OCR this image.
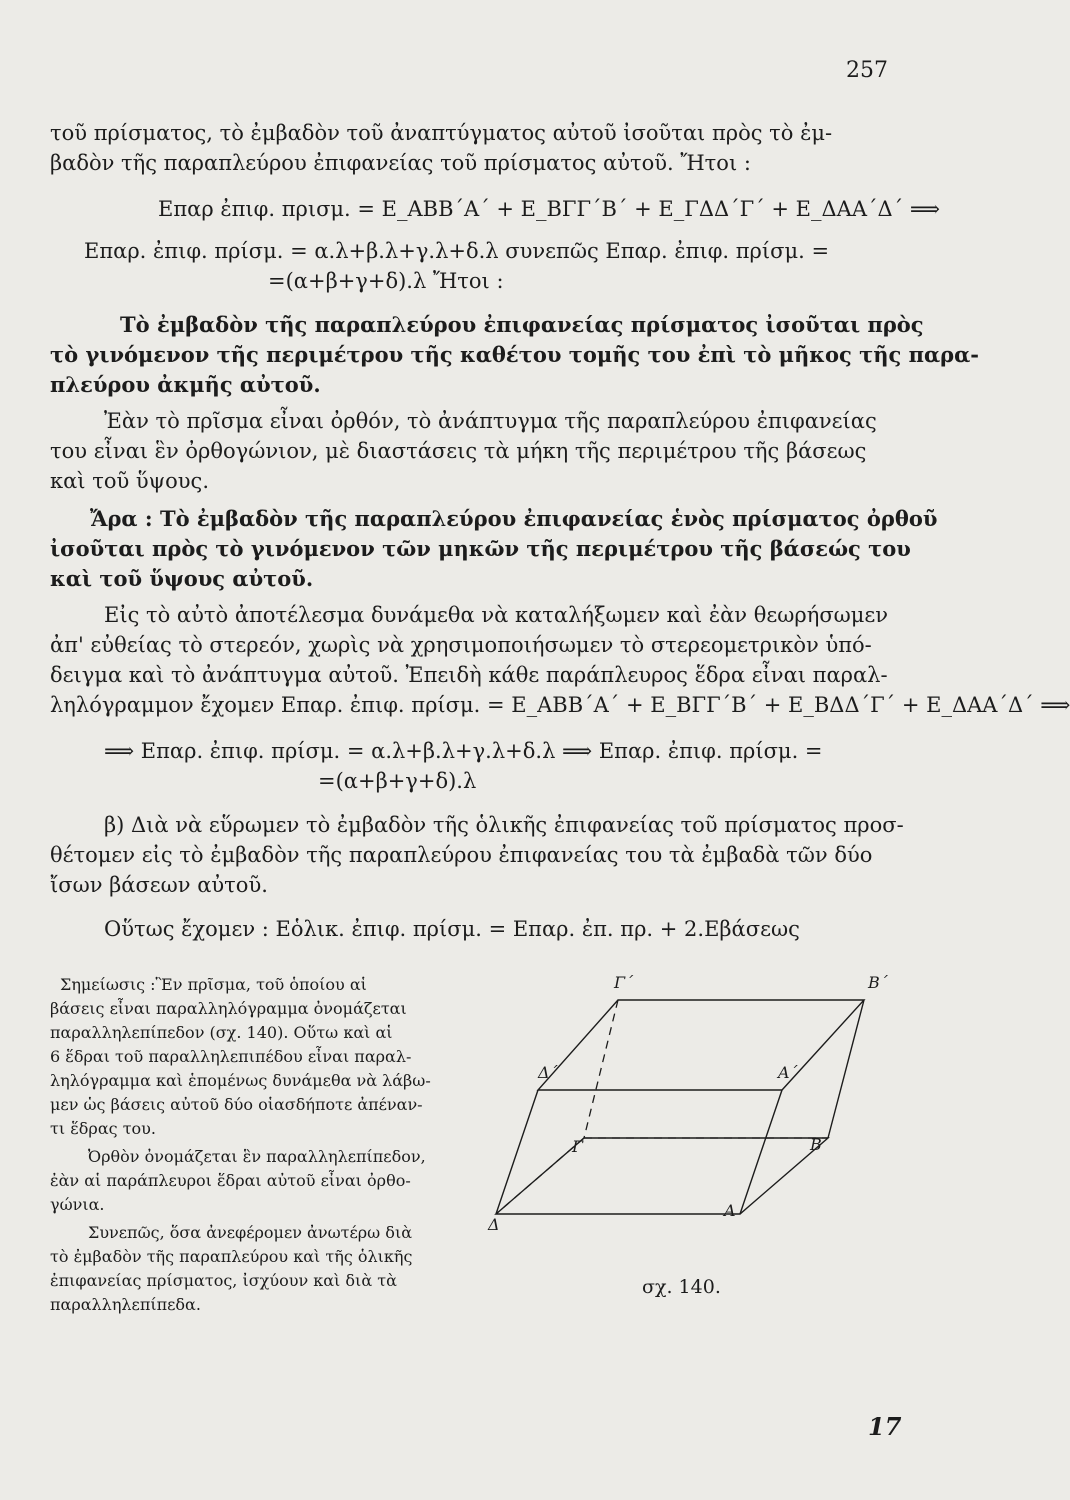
257
τοῦ πρίσματος, τὸ ἐμβαδὸν τοῦ ἀναπτύγματος αὐτοῦ ἰσοῦται πρὸς τὸ ἐμ-
βαδὸν τῆς παραπλεύρου ἐπιφανείας τοῦ πρίσματος αὐτοῦ. Ἤτοι :
Επαρ ἐπιφ. πρισμ. = Ε_ΑΒΒ΄Α΄ + Ε_ΒΓΓ΄Β΄ + Ε_ΓΔΔ΄Γ΄ + Ε_ΔΑΑ΄Δ΄ ⟹
Επαρ. ἐπιφ. πρίσμ. = α.λ+β.λ+γ.λ+δ.λ συνεπῶς Επαρ. ἐπιφ. πρίσμ. =
=(α+β+γ+δ).λ Ἤτοι :
Τὸ ἐμβαδὸν τῆς παραπλεύρου ἐπιφανείας πρίσματος ἰσοῦται πρὸς
τὸ γινόμενον τῆς περιμέτρου τῆς καθέτου τομῆς του ἐπὶ τὸ μῆκος τῆς παρα-
πλεύρου ἀκμῆς αὐτοῦ.
Ἐὰν τὸ πρῖσμα εἶναι ὀρθόν, τὸ ἀνάπτυγμα τῆς παραπλεύρου ἐπιφανείας
του εἶναι ἓν ὀρθογώνιον, μὲ διαστάσεις τὰ μήκη τῆς περιμέτρου τῆς βάσεως
καὶ τοῦ ὕψους.
Ἄρα : Τὸ ἐμβαδὸν τῆς παραπλεύρου ἐπιφανείας ἑνὸς πρίσματος ὀρθοῦ
ἰσοῦται πρὸς τὸ γινόμενον τῶν μηκῶν τῆς περιμέτρου τῆς βάσεώς του
καὶ τοῦ ὕψους αὐτοῦ.
Εἰς τὸ αὐτὸ ἀποτέλεσμα δυνάμεθα νὰ καταλήξωμεν καὶ ἐὰν θεωρήσωμεν
ἀπ' εὐθείας τὸ στερεόν, χωρὶς νὰ χρησιμοποιήσωμεν τὸ στερεομετρικὸν ὑπό-
δειγμα καὶ τὸ ἀνάπτυγμα αὐτοῦ. Ἐπειδὴ κάθε παράπλευρος ἕδρα εἶναι παραλ-
ληλόγραμμον ἔχομεν Επαρ. ἐπιφ. πρίσμ. = Ε_ΑΒΒ΄Α΄ + Ε_ΒΓΓ΄Β΄ + Ε_ΒΔΔ΄Γ΄ + Ε_ΔΑΑ΄Δ΄ ⟹
⟹ Επαρ. ἐπιφ. πρίσμ. = α.λ+β.λ+γ.λ+δ.λ ⟹ Επαρ. ἐπιφ. πρίσμ. =
=(α+β+γ+δ).λ
β) Διὰ νὰ εὕρωμεν τὸ ἐμβαδὸν τῆς ὁλικῆς ἐπιφανείας τοῦ πρίσματος προσ-
θέτομεν εἰς τὸ ἐμβαδὸν τῆς παραπλεύρου ἐπιφανείας του τὰ ἐμβαδὰ τῶν δύο
ἴσων βάσεων αὐτοῦ.
Οὕτως ἔχομεν : Εὁλικ. ἐπιφ. πρίσμ. = Επαρ. ἐπ. πρ. + 2.Εβάσεως
Σημείωσις :Ἓν πρῖσμα, τοῦ ὁποίου αἱ
βάσεις εἶναι παραλληλόγραμμα ὀνομάζεται
παραλληλεπίπεδον (σχ. 140). Οὕτω καὶ αἱ
6 ἕδραι τοῦ παραλληλεπιπέδου εἶναι παραλ-
ληλόγραμμα καὶ ἑπομένως δυνάμεθα νὰ λάβω-
μεν ὡς βάσεις αὐτοῦ δύο οἱασδήποτε ἀπέναν-
τι ἕδρας του.
Ὀρθὸν ὀνομάζεται ἓν παραλληλεπίπεδον,
ἐὰν αἱ παράπλευροι ἕδραι αὐτοῦ εἶναι ὀρθο-
γώνια.
Συνεπῶς, ὅσα ἀνεφέρομεν ἀνωτέρω διὰ
τὸ ἐμβαδὸν τῆς παραπλεύρου καὶ τῆς ὁλικῆς
ἐπιφανείας πρίσματος, ἰσχύουν καὶ διὰ τὰ
παραλληλεπίπεδα.
Γ΄	Β΄
Δ΄	Α΄
Γ	Β
Δ
Α
σχ. 140.
17
